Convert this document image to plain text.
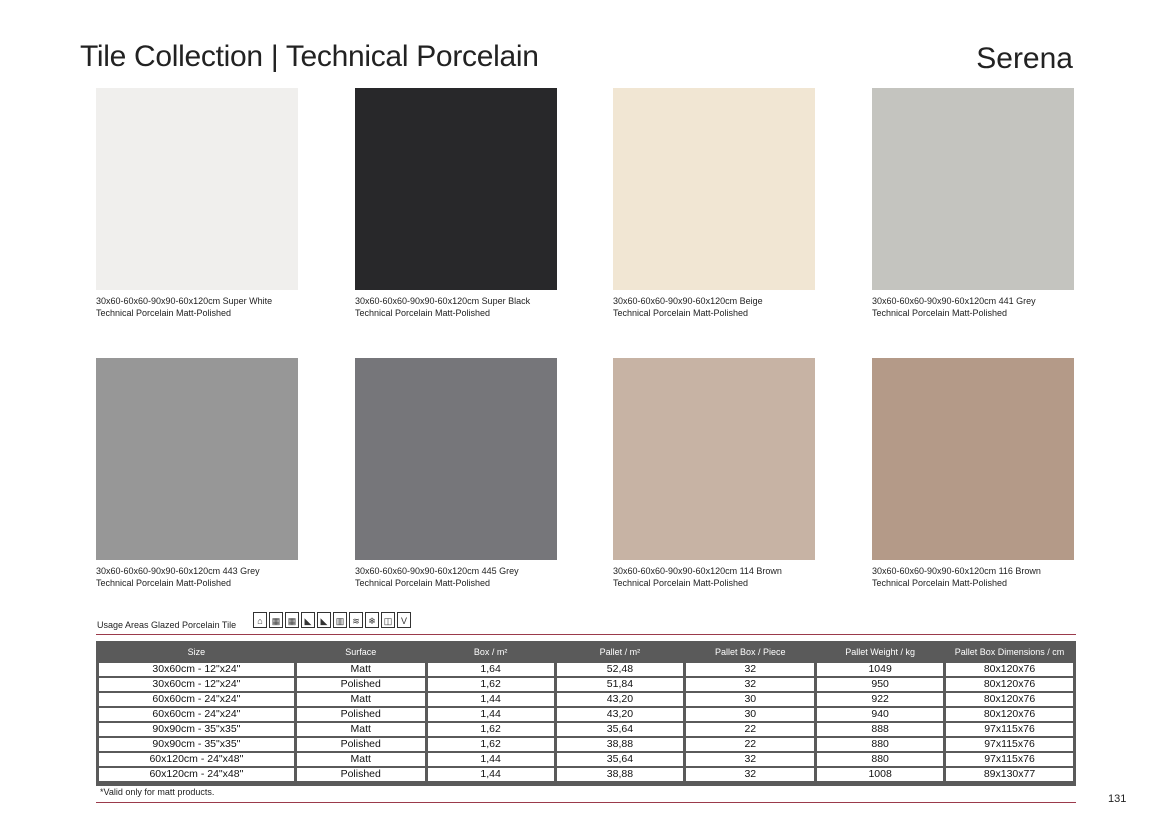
Tile Collection | Technical Porcelain	Serena
30x60-60x60-90x90-60x120cm Super White
Technical Porcelain Matt-Polished
30x60-60x60-90x90-60x120cm Super Black
Technical Porcelain Matt-Polished
30x60-60x60-90x90-60x120cm Beige
Technical Porcelain Matt-Polished
30x60-60x60-90x90-60x120cm 441 Grey
Technical Porcelain Matt-Polished
30x60-60x60-90x90-60x120cm 443 Grey
Technical Porcelain Matt-Polished
30x60-60x60-90x90-60x120cm 445 Grey
Technical Porcelain Matt-Polished
30x60-60x60-90x90-60x120cm 114 Brown
Technical Porcelain Matt-Polished
30x60-60x60-90x90-60x120cm 116 Brown
Technical Porcelain Matt-Polished
Usage Areas Glazed Porcelain Tile	⌂	▦ ▦ ◣	◣ ▥ ≋ ❄ ◫ V
Size	Surface	Box / m²	Pallet / m²	Pallet Box / Piece	Pallet Weight / kg	Pallet Box Dimensions / cm
30x60cm - 12"x24"	Matt	1,64	52,48	32	1049	80x120x76
30x60cm - 12"x24"	Polished	1,62	51,84	32	950	80x120x76
60x60cm - 24"x24"	Matt	1,44	43,20	30	922	80x120x76
60x60cm - 24"x24"	Polished	1,44	43,20	30	940	80x120x76
90x90cm - 35"x35"	Matt	1,62	35,64	22	888	97x115x76
90x90cm - 35"x35"	Polished	1,62	38,88	22	880	97x115x76
60x120cm - 24"x48"	Matt	1,44	35,64	32	880	97x115x76
60x120cm - 24"x48"	Polished	1,44	38,88	32	1008	89x130x77
*Valid only for matt products.
131
